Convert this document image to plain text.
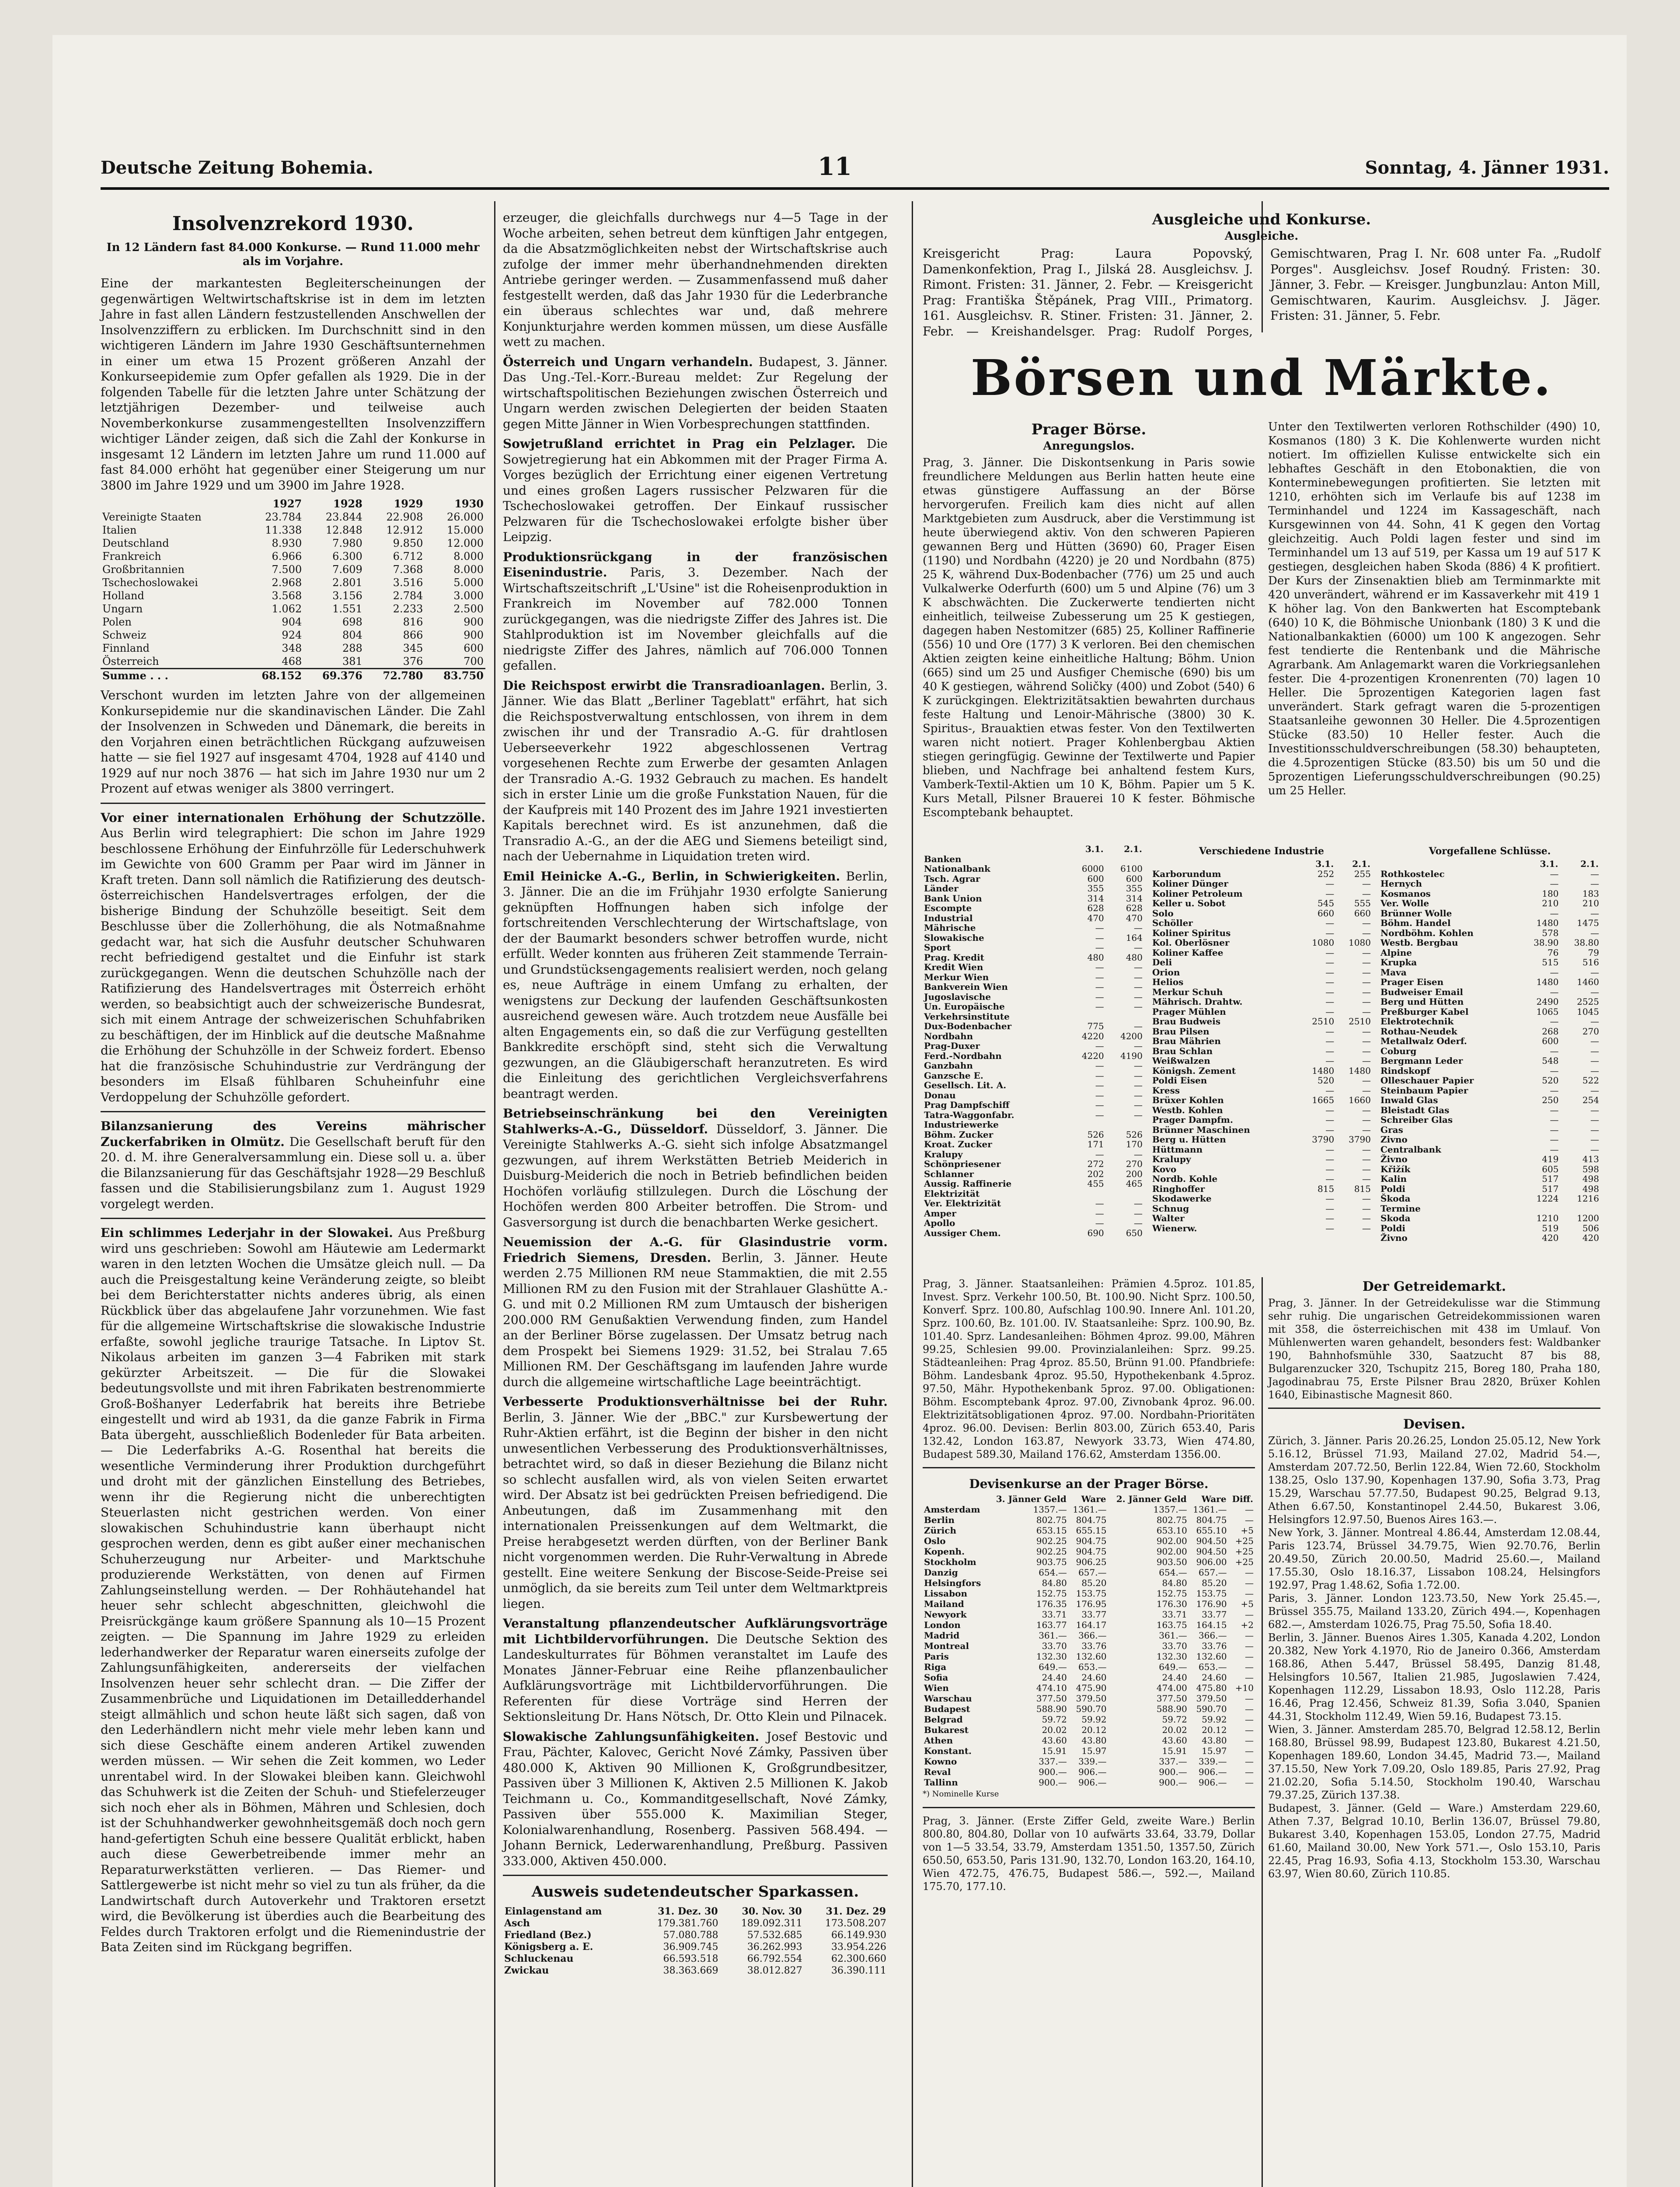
Deutsche Zeitung Bohemia.	11	Sonntag, 4. Jänner 1931.
Insolvenzrekord 1930.
In 12 Ländern fast 84.000 Konkurse. — Rund 11.000 mehr als im Vorjahre.

Eine der markantesten Begleiterscheinungen der gegenwärtigen Weltwirtschaftskrise ist in dem im letzten Jahre in fast allen Ländern festzustellenden Anschwellen der Insolvenzziffern zu erblicken. Im Durchschnitt sind in den wichtigeren Ländern im Jahre 1930 Geschäftsunternehmen in einer um etwa 15 Prozent größeren Anzahl der Konkurseepidemie zum Opfer gefallen als 1929. Die in der folgenden Tabelle für die letzten Jahre unter Schätzung der letztjährigen Dezember- und teilweise auch Novemberkonkurse zusammengestellten Insolvenzziffern wichtiger Länder zeigen, daß sich die Zahl der Konkurse in insgesamt 12 Ländern im letzten Jahre um rund 11.000 auf fast 84.000 erhöht hat gegenüber einer Steigerung um nur 3800 im Jahre 1929 und um 3900 im Jahre 1928.

	1927	1928	1929	1930
Vereinigte Staaten	23.784	23.844	22.908	26.000
Italien	11.338	12.848	12.912	15.000
Deutschland	8.930	7.980	9.850	12.000
Frankreich	6.966	6.300	6.712	8.000
Großbritannien	7.500	7.609	7.368	8.000
Tschechoslowakei	2.968	2.801	3.516	5.000
Holland	3.568	3.156	2.784	3.000
Ungarn	1.062	1.551	2.233	2.500
Polen	904	698	816	900
Schweiz	924	804	866	900
Finnland	348	288	345	600
Österreich	468	381	376	700
Summe . . .	68.152	69.376	72.780	83.750

Verschont wurden im letzten Jahre von der allgemeinen Konkursepidemie nur die skandinavischen Länder. Die Zahl der Insolvenzen in Schweden und Dänemark, die bereits in den Vorjahren einen beträchtlichen Rückgang aufzuweisen hatte — sie fiel 1927 auf insgesamt 4704, 1928 auf 4140 und 1929 auf nur noch 3876 — hat sich im Jahre 1930 nur um 2 Prozent auf etwas weniger als 3800 verringert.

Vor einer internationalen Erhöhung der Schutzzölle. Aus Berlin wird telegraphiert: Die schon im Jahre 1929 beschlossene Erhöhung der Einfuhrzölle für Lederschuhwerk im Gewichte von 600 Gramm per Paar wird im Jänner in Kraft treten. Dann soll nämlich die Ratifizierung des deutsch-österreichischen Handelsvertrages erfolgen, der die bisherige Bindung der Schuhzölle beseitigt. Seit dem Beschlusse über die Zollerhöhung, die als Notmaßnahme gedacht war, hat sich die Ausfuhr deutscher Schuhwaren recht befriedigend gestaltet und die Einfuhr ist stark zurückgegangen. Wenn die deutschen Schuhzölle nach der Ratifizierung des Handelsvertrages mit Österreich erhöht werden, so beabsichtigt auch der schweizerische Bundesrat, sich mit einem Antrage der schweizerischen Schuhfabriken zu beschäftigen, der im Hinblick auf die deutsche Maßnahme die Erhöhung der Schuhzölle in der Schweiz fordert. Ebenso hat die französische Schuhindustrie zur Verdrängung der besonders im Elsaß fühlbaren Schuheinfuhr eine Verdoppelung der Schuhzölle gefordert.

Bilanzsanierung des Vereins mährischer Zuckerfabriken in Olmütz. Die Gesellschaft beruft für den 20. d. M. ihre Generalversammlung ein. Diese soll u. a. über die Bilanzsanierung für das Geschäftsjahr 1928—29 Beschluß fassen und die Stabilisierungsbilanz zum 1. August 1929 vorgelegt werden.

Ein schlimmes Lederjahr in der Slowakei. Aus Preßburg wird uns geschrieben: Sowohl am Häutewie am Ledermarkt waren in den letzten Wochen die Umsätze gleich null. — Da auch die Preisgestaltung keine Veränderung zeigte, so bleibt bei dem Berichterstatter nichts anderes übrig, als einen Rückblick über das abgelaufene Jahr vorzunehmen. Wie fast für die allgemeine Wirtschaftskrise die slowakische Industrie erfaßte, sowohl jegliche traurige Tatsache. In Liptov St. Nikolaus arbeiten im ganzen 3—4 Fabriken mit stark gekürzter Arbeitszeit. — Die für die Slowakei bedeutungsvollste und mit ihren Fabrikaten bestrenommierte Groß-Bošhanyer Lederfabrik hat bereits ihre Betriebe eingestellt und wird ab 1931, da die ganze Fabrik in Firma Bata übergeht, ausschließlich Bodenleder für Bata arbeiten. — Die Lederfabriks A.-G. Rosenthal hat bereits die wesentliche Verminderung ihrer Produktion durchgeführt und droht mit der gänzlichen Einstellung des Betriebes, wenn ihr die Regierung nicht die unberechtigten Steuerlasten nicht gestrichen werden. Von einer slowakischen Schuhindustrie kann überhaupt nicht gesprochen werden, denn es gibt außer einer mechanischen Schuherzeugung nur Arbeiter- und Marktschuhe produzierende Werkstätten, von denen auf Firmen Zahlungseinstellung werden. — Der Rohhäutehandel hat heuer sehr schlecht abgeschnitten, gleichwohl die Preisrückgänge kaum größere Spannung als 10—15 Prozent zeigten. — Die Spannung im Jahre 1929 zu erleiden lederhandwerker der Reparatur waren einerseits zufolge der Zahlungsunfähigkeiten, andererseits der vielfachen Insolvenzen heuer sehr schlecht dran. — Die Ziffer der Zusammenbrüche und Liquidationen im Detailledderhandel steigt allmählich und schon heute läßt sich sagen, daß von den Lederhändlern nicht mehr viele mehr leben kann und sich diese Geschäfte einem anderen Artikel zuwenden werden müssen. — Wir sehen die Zeit kommen, wo Leder unrentabel wird. In der Slowakei bleiben kann. Gleichwohl das Schuhwerk ist die Zeiten der Schuh- und Stiefelerzeuger sich noch eher als in Böhmen, Mähren und Schlesien, doch ist der Schuhhandwerker gewohnheitsgemäß doch noch gern hand-gefertigten Schuh eine bessere Qualität erblickt, haben auch diese Gewerbetreibende immer mehr an Reparaturwerkstätten verlieren. — Das Riemer- und Sattlergewerbe ist nicht mehr so viel zu tun als früher, da die Landwirtschaft durch Autoverkehr und Traktoren ersetzt wird, die Bevölkerung ist überdies auch die Bearbeitung des Feldes durch Traktoren erfolgt und die Riemenindustrie der Bata Zeiten sind im Rückgang begriffen.

erzeuger, die gleichfalls durchwegs nur 4—5 Tage in der Woche arbeiten, sehen betreut dem künftigen Jahr entgegen, da die Absatzmöglichkeiten nebst der Wirtschaftskrise auch zufolge der immer mehr überhandnehmenden direkten Antriebe geringer werden. — Zusammenfassend muß daher festgestellt werden, daß das Jahr 1930 für die Lederbranche ein überaus schlechtes war und, daß mehrere Konjunkturjahre werden kommen müssen, um diese Ausfälle wett zu machen.

Österreich und Ungarn verhandeln. Budapest, 3. Jänner. Das Ung.-Tel.-Korr.-Bureau meldet: Zur Regelung der wirtschaftspolitischen Beziehungen zwischen Österreich und Ungarn werden zwischen Delegierten der beiden Staaten gegen Mitte Jänner in Wien Vorbesprechungen stattfinden.

Sowjetrußland errichtet in Prag ein Pelzlager. Die Sowjetregierung hat ein Abkommen mit der Prager Firma A. Vorges bezüglich der Errichtung einer eigenen Vertretung und eines großen Lagers russischer Pelzwaren für die Tschechoslowakei getroffen. Der Einkauf russischer Pelzwaren für die Tschechoslowakei erfolgte bisher über Leipzig.

Produktionsrückgang in der französischen Eisenindustrie. Paris, 3. Dezember. Nach der Wirtschaftszeitschrift „L'Usine" ist die Roheisenproduktion in Frankreich im November auf 782.000 Tonnen zurückgegangen, was die niedrigste Ziffer des Jahres ist. Die Stahlproduktion ist im November gleichfalls auf die niedrigste Ziffer des Jahres, nämlich auf 706.000 Tonnen gefallen.

Die Reichspost erwirbt die Transradioanlagen. Berlin, 3. Jänner. Wie das Blatt „Berliner Tageblatt" erfährt, hat sich die Reichspostverwaltung entschlossen, von ihrem in dem zwischen ihr und der Transradio A.-G. für drahtlosen Ueberseeverkehr 1922 abgeschlossenen Vertrag vorgesehenen Rechte zum Erwerbe der gesamten Anlagen der Transradio A.-G. 1932 Gebrauch zu machen. Es handelt sich in erster Linie um die große Funkstation Nauen, für die der Kaufpreis mit 140 Prozent des im Jahre 1921 investierten Kapitals berechnet wird. Es ist anzunehmen, daß die Transradio A.-G., an der die AEG und Siemens beteiligt sind, nach der Uebernahme in Liquidation treten wird.

Emil Heinicke A.-G., Berlin, in Schwierigkeiten. Berlin, 3. Jänner. Die an die im Frühjahr 1930 erfolgte Sanierung geknüpften Hoffnungen haben sich infolge der fortschreitenden Verschlechterung der Wirtschaftslage, von der der Baumarkt besonders schwer betroffen wurde, nicht erfüllt. Weder konnten aus früheren Zeit stammende Terrain- und Grundstücksengagements realisiert werden, noch gelang es, neue Aufträge in einem Umfang zu erhalten, der wenigstens zur Deckung der laufenden Geschäftsunkosten ausreichend gewesen wäre. Auch trotzdem neue Ausfälle bei alten Engagements ein, so daß die zur Verfügung gestellten Bankkredite erschöpft sind, steht sich die Verwaltung gezwungen, an die Gläubigerschaft heranzutreten. Es wird die Einleitung des gerichtlichen Vergleichsverfahrens beantragt werden.

Betriebseinschränkung bei den Vereinigten Stahlwerks-A.-G., Düsseldorf. Düsseldorf, 3. Jänner. Die Vereinigte Stahlwerks A.-G. sieht sich infolge Absatzmangel gezwungen, auf ihrem Werkstätten Betrieb Meiderich in Duisburg-Meiderich die noch in Betrieb befindlichen beiden Hochöfen vorläufig stillzulegen. Durch die Löschung der Hochöfen werden 800 Arbeiter betroffen. Die Strom- und Gasversorgung ist durch die benachbarten Werke gesichert.

Neuemission der A.-G. für Glasindustrie vorm. Friedrich Siemens, Dresden. Berlin, 3. Jänner. Heute werden 2.75 Millionen RM neue Stammaktien, die mit 2.55 Millionen RM zu den Fusion mit der Strahlauer Glashütte A.-G. und mit 0.2 Millionen RM zum Umtausch der bisherigen 200.000 RM Genußaktien Verwendung finden, zum Handel an der Berliner Börse zugelassen. Der Umsatz betrug nach dem Prospekt bei Siemens 1929: 31.52, bei Stralau 7.65 Millionen RM. Der Geschäftsgang im laufenden Jahre wurde durch die allgemeine wirtschaftliche Lage beeinträchtigt.

Verbesserte Produktionsverhältnisse bei der Ruhr. Berlin, 3. Jänner. Wie der „BBC." zur Kursbewertung der Ruhr-Aktien erfährt, ist die Beginn der bisher in den nicht unwesentlichen Verbesserung des Produktionsverhältnisses, betrachtet wird, so daß in dieser Beziehung die Bilanz nicht so schlecht ausfallen wird, als von vielen Seiten erwartet wird. Der Absatz ist bei gedrückten Preisen befriedigend. Die Anbeutungen, daß im Zusammenhang mit den internationalen Preissenkungen auf dem Weltmarkt, die Preise herabgesetzt werden dürften, von der Berliner Bank nicht vorgenommen werden. Die Ruhr-Verwaltung in Abrede gestellt. Eine weitere Senkung der Biscose-Seide-Preise sei unmöglich, da sie bereits zum Teil unter dem Weltmarktpreis liegen.

Veranstaltung pflanzendeutscher Aufklärungsvorträge mit Lichtbildervorführungen. Die Deutsche Sektion des Landeskulturrates für Böhmen veranstaltet im Laufe des Monates Jänner-Februar eine Reihe pflanzenbaulicher Aufklärungsvorträge mit Lichtbildervorführungen. Die Referenten für diese Vorträge sind Herren der Sektionsleitung Dr. Hans Nötsch, Dr. Otto Klein und Pilnacek.

Slowakische Zahlungsunfähigkeiten. Josef Bestovic und Frau, Pächter, Kalovec, Gericht Nové Zámky, Passiven über 480.000 K, Aktiven 90 Millionen K, Großgrundbesitzer, Passiven über 3 Millionen K, Aktiven 2.5 Millionen K. Jakob Teichmann u. Co., Kommanditgesellschaft, Nové Zámky, Passiven über 555.000 K. Maximilian Steger, Kolonialwarenhandlung, Rosenberg. Passiven 568.494. — Johann Bernick, Lederwarenhandlung, Preßburg. Passiven 333.000, Aktiven 450.000.

Ausweis sudetendeutscher Sparkassen.
Einlagenstand am	31. Dez. 30	30. Nov. 30	31. Dez. 29
Asch	179.381.760	189.092.311	173.508.207
Friedland (Bez.)	57.080.788	57.532.685	66.149.930
Königsberg a. E.	36.909.745	36.262.993	33.954.226
Schluckenau	66.593.518	66.792.554	62.300.660
Zwickau	38.363.669	38.012.827	36.390.111
Ausgleiche und Konkurse.
Ausgleiche.
Kreisgericht Prag: Laura Popovský, Damenkonfektion, Prag I., Jilská 28. Ausgleichsv. J. Rimont. Fristen: 31. Jänner, 2. Febr. — Kreisgericht Prag: Františka Štěpánek, Prag VIII., Primatorg. 161. Ausgleichsv. R. Stiner. Fristen: 31. Jänner, 2. Febr. — Kreishandelsger. Prag: Rudolf Porges, Gemischtwaren, Prag I. Nr. 608 unter Fa. „Rudolf Porges". Ausgleichsv. Josef Roudný. Fristen: 30. Jänner, 3. Febr. — Kreisger. Jungbunzlau: Anton Mill, Gemischtwaren, Kaurim. Ausgleichsv. J. Jäger. Fristen: 31. Jänner, 5. Febr.
Börsen und Märkte.
Prager Börse.
Anregungslos.

Prag, 3. Jänner. Die Diskontsenkung in Paris sowie freundlichere Meldungen aus Berlin hatten heute eine etwas günstigere Auffassung an der Börse hervorgerufen. Freilich kam dies nicht auf allen Marktgebieten zum Ausdruck, aber die Verstimmung ist heute überwiegend aktiv. Von den schweren Papieren gewannen Berg und Hütten (3690) 60, Prager Eisen (1190) und Nordbahn (4220) je 20 und Nordbahn (875) 25 K, während Dux-Bodenbacher (776) um 25 und auch Vulkalwerke Oderfurth (600) um 5 und Alpine (76) um 3 K abschwächten. Die Zuckerwerte tendierten nicht einheitlich, teilweise Zubesserung um 25 K gestiegen, dagegen haben Nestomitzer (685) 25, Kolliner Raffinerie (556) 10 und Ore (177) 3 K verloren. Bei den chemischen Aktien zeigten keine einheitliche Haltung; Böhm. Union (665) sind um 25 und Ausfiger Chemische (690) bis um 40 K gestiegen, während Soličky (400) und Zobot (540) 6 K zurückgingen. Elektrizitätsaktien bewahrten durchaus feste Haltung und Lenoir-Mährische (3800) 30 K. Spiritus-, Brauaktien etwas fester. Von den Textilwerten waren nicht notiert. Prager Kohlenbergbau Aktien stiegen geringfügig. Gewinne der Textilwerte und Papier blieben, und Nachfrage bei anhaltend festem Kurs, Vamberk-Textil-Aktien um 10 K, Böhm. Papier um 5 K. Kurs Metall, Pilsner Brauerei 10 K fester. Böhmische Escomptebank behauptet.

Unter den Textilwerten verloren Rothschilder (490) 10, Kosmanos (180) 3 K. Die Kohlenwerte wurden nicht notiert. Im offiziellen Kulisse entwickelte sich ein lebhaftes Geschäft in den Etobonaktien, die von Konterminebewegungen profitierten. Sie letzten mit 1210, erhöhten sich im Verlaufe bis auf 1238 im Terminhandel und 1224 im Kassageschäft, nach Kursgewinnen von 44. Sohn, 41 K gegen den Vortag gleichzeitig. Auch Poldi lagen fester und sind im Terminhandel um 13 auf 519, per Kassa um 19 auf 517 K gestiegen, desgleichen haben Skoda (886) 4 K profitiert. Der Kurs der Zinsenaktien blieb am Terminmarkte mit 420 unverändert, während er im Kassaverkehr mit 419 1 K höher lag. Von den Bankwerten hat Escomptebank (640) 10 K, die Böhmische Unionbank (180) 3 K und die Nationalbankaktien (6000) um 100 K angezogen. Sehr fest tendierte die Rentenbank und die Mährische Agrarbank. Am Anlagemarkt waren die Vorkriegsanlehen fester. Die 4-prozentigen Kronenrenten (70) lagen 10 Heller. Die 5prozentigen Kategorien lagen fast unverändert. Stark gefragt waren die 5-prozentigen Staatsanleihe gewonnen 30 Heller. Die 4.5prozentigen Stücke (83.50) 10 Heller fester. Auch die Investitionsschuldverschreibungen (58.30) behaupteten, die 4.5prozentigen Stücke (83.50) bis um 50 und die 5prozentigen Lieferungsschuldverschreibungen (90.25) um 25 Heller.

	3.1.	2.1.
Banken		
Nationalbank	6000	6100
Tsch. Agrar	600	600
Länder	355	355
Bank Union	314	314
Escompte	628	628
Industrial	470	470
Mährische	—	—
Slowakische	—	164
Sport	—	—
Prag. Kredit	480	480
Kredit Wien	—	—
Merkur Wien	—	—
Bankverein Wien	—	—
Jugoslavische	—	—
Un. Europäische	—	—
Verkehrsinstitute		
Dux-Bodenbacher	775	—
Nordbahn	4220	4200
Prag-Duxer	—	—
Ferd.-Nordbahn	4220	4190
Ganzbahn	—	—
Ganzsche E.	—	—
Gesellsch. Lit. A.	—	—
Donau	—	—
Prag Dampfschiff	—	—
Tatra-Waggonfabr.	—	—
Industriewerke		
Böhm. Zucker	526	526
Kroat. Zucker	171	170
Kralupy	—	—
Schönpriesener	272	270
Schlanner	202	200
Aussig. Raffinerie	455	465
Elektrizität		
Ver. Elektrizität	—	—
Amper	—	—
Apollo	—	—
Aussiger Chem.	690	650
Verschiedene Industrie
	3.1.	2.1.
Karborundum	252	255
Koliner Dünger	—	—
Koliner Petroleum	—	—
Keller u. Sobot	545	555
Solo	660	660
Schöller	—	—
Koliner Spiritus	—	—
Kol. Oberlösner	1080	1080
Koliner Kaffee	—	—
Deli	—	—
Orion	—	—
Helios	—	—
Merkur Schuh	—	—
Mährisch. Drahtw.	—	—
Prager Mühlen	—	—
Brau Budweis	2510	2510
Brau Pilsen	—	—
Brau Mährien	—	—
Brau Schlan	—	—
Weißwalzen	—	—
Königsh. Zement	1480	1480
Poldi Eisen	520	—
Kress	—	—
Brüxer Kohlen	1665	1660
Westb. Kohlen	—	—
Prager Dampfm.	—	—
Brünner Maschinen	—	—
Berg u. Hütten	3790	3790
Hüttmann	—	—
Kralupy	—	—
Kovo	—	—
Nordb. Kohle	—	—
Ringhoffer	815	815
Skodawerke	—	—
Schnug	—	—
Walter	—	—
Wienerw.	—	—
Vorgefallene Schlüsse.
	3.1.	2.1.
Rothkostelec	—	—
Hernych	—	—
Kosmanos	180	183
Ver. Wolle	210	210
Brünner Wolle	—	—
Böhm. Handel	1480	1475
Nordböhm. Kohlen	578	—
Westb. Bergbau	38.90	38.80
Alpine	76	79
Krupka	515	516
Mava	—	—
Prager Eisen	1480	1460
Budweiser Email	—	—
Berg und Hütten	2490	2525
Preßburger Kabel	1065	1045
Elektrotechnik	—	—
Rothau-Neudek	268	270
Metallwalz Oderf.	600	—
Coburg	—	—
Bergmann Leder	548	—
Rindskopf	—	—
Olleschauer Papier	520	522
Steinbaum Papier	—	—
Inwald Glas	250	254
Bleistadt Glas	—	—
Schreiber Glas	—	—
Gras	—	—
Zivno	—	—
Centralbank	—	—
Živno	419	413
Křižík	605	598
Kalin	517	498
Poldi	517	498
Škoda	1224	1216
Termine		
Skoda	1210	1200
Poldi	519	506
Živno	420	420

Prag, 3. Jänner. Staatsanleihen: Prämien 4.5proz. 101.85, Invest. Sprz. Verkehr 100.50, Bt. 100.90. Nicht Sprz. 100.50, Konverf. Sprz. 100.80, Aufschlag 100.90. Innere Anl. 101.20, Sprz. 100.60, Bz. 101.00. IV. Staatsanleihe: Sprz. 100.90, Bz. 101.40. Sprz. Landesanleihen: Böhmen 4proz. 99.00, Mähren 99.25, Schlesien 99.00. Provinzialanleihen: Sprz. 99.25. Städteanleihen: Prag 4proz. 85.50, Brünn 91.00. Pfandbriefe: Böhm. Landesbank 4proz. 95.50, Hypothekenbank 4.5proz. 97.50, Mähr. Hypothekenbank 5proz. 97.00. Obligationen: Böhm. Escomptebank 4proz. 97.00, Zivnobank 4proz. 96.00. Elektrizitätsobligationen 4proz. 97.00. Nordbahn-Prioritäten 4proz. 96.00. Devisen: Berlin 803.00, Zürich 653.40, Paris 132.42, London 163.87, Newyork 33.73, Wien 474.80, Budapest 589.30, Mailand 176.62, Amsterdam 1356.00.

Devisenkurse an der Prager Börse.
	3. Jänner Geld	Ware	2. Jänner Geld	Ware	Diff.
Amsterdam	1357.—	1361.—	1357.—	1361.—	—
Berlin	802.75	804.75	802.75	804.75	—
Zürich	653.15	655.15	653.10	655.10	+5
Oslo	902.25	904.75	902.00	904.50	+25
Kopenh.	902.25	904.75	902.00	904.50	+25
Stockholm	903.75	906.25	903.50	906.00	+25
Danzig	654.—	657.—	654.—	657.—	—
Helsingfors	84.80	85.20	84.80	85.20	—
Lissabon	152.75	153.75	152.75	153.75	—
Mailand	176.35	176.95	176.30	176.90	+5
Newyork	33.71	33.77	33.71	33.77	—
London	163.77	164.17	163.75	164.15	+2
Madrid	361.—	366.—	361.—	366.—	—
Montreal	33.70	33.76	33.70	33.76	—
Paris	132.30	132.60	132.30	132.60	—
Riga	649.—	653.—	649.—	653.—	—
Sofia	24.40	24.60	24.40	24.60	—
Wien	474.10	475.90	474.00	475.80	+10
Warschau	377.50	379.50	377.50	379.50	—
Budapest	588.90	590.70	588.90	590.70	—
Belgrad	59.72	59.92	59.72	59.92	—
Bukarest	20.02	20.12	20.02	20.12	—
Athen	43.60	43.80	43.60	43.80	—
Konstant.	15.91	15.97	15.91	15.97	—
Kowno	337.—	339.—	337.—	339.—	—
Reval	900.—	906.—	900.—	906.—	—
Tallinn	900.—	906.—	900.—	906.—	—
*) Nominelle Kurse

Prag, 3. Jänner. (Erste Ziffer Geld, zweite Ware.) Berlin 800.80, 804.80, Dollar von 10 aufwärts 33.64, 33.79, Dollar von 1—5 33.54, 33.79, Amsterdam 1351.50, 1357.50, Zürich 650.50, 653.50, Paris 131.90, 132.70, London 163.20, 164.10, Wien 472.75, 476.75, Budapest 586.—, 592.—, Mailand 175.70, 177.10.

Der Getreidemarkt.

Prag, 3. Jänner. In der Getreidekulisse war die Stimmung sehr ruhig. Die ungarischen Getreidekommissionen waren mit 358, die österreichischen mit 438 im Umlauf. Von Mühlenwerten waren gehandelt, besonders fest: Waldbanker 190, Bahnhofsmühle 330, Saatzucht 87 bis 88, Bulgarenzucker 320, Tschupitz 215, Boreg 180, Praha 180, Jagodinabrau 75, Erste Pilsner Brau 2820, Brüxer Kohlen 1640, Eibinastische Magnesit 860.

Devisen.

Zürich, 3. Jänner. Paris 20.26.25, London 25.05.12, New York 5.16.12, Brüssel 71.93, Mailand 27.02, Madrid 54.—, Amsterdam 207.72.50, Berlin 122.84, Wien 72.60, Stockholm 138.25, Oslo 137.90, Kopenhagen 137.90, Sofia 3.73, Prag 15.29, Warschau 57.77.50, Budapest 90.25, Belgrad 9.13, Athen 6.67.50, Konstantinopel 2.44.50, Bukarest 3.06, Helsingfors 12.97.50, Buenos Aires 163.—.
New York, 3. Jänner. Montreal 4.86.44, Amsterdam 12.08.44, Paris 123.74, Brüssel 34.79.75, Wien 92.70.76, Berlin 20.49.50, Zürich 20.00.50, Madrid 25.60.—, Mailand 17.55.30, Oslo 18.16.37, Lissabon 108.24, Helsingfors 192.97, Prag 1.48.62, Sofia 1.72.00.
Paris, 3. Jänner. London 123.73.50, New York 25.45.—, Brüssel 355.75, Mailand 133.20, Zürich 494.—, Kopenhagen 682.—, Amsterdam 1026.75, Prag 75.50, Sofia 18.40.
Berlin, 3. Jänner. Buenos Aires 1.305, Kanada 4.202, London 20.382, New York 4.1970, Rio de Janeiro 0.366, Amsterdam 168.86, Athen 5.447, Brüssel 58.495, Danzig 81.48, Helsingfors 10.567, Italien 21.985, Jugoslawien 7.424, Kopenhagen 112.29, Lissabon 18.93, Oslo 112.28, Paris 16.46, Prag 12.456, Schweiz 81.39, Sofia 3.040, Spanien 44.31, Stockholm 112.49, Wien 59.16, Budapest 73.15.
Wien, 3. Jänner. Amsterdam 285.70, Belgrad 12.58.12, Berlin 168.80, Brüssel 98.99, Budapest 123.80, Bukarest 4.21.50, Kopenhagen 189.60, London 34.45, Madrid 73.—, Mailand 37.15.50, New York 7.09.20, Oslo 189.85, Paris 27.92, Prag 21.02.20, Sofia 5.14.50, Stockholm 190.40, Warschau 79.37.25, Zürich 137.38.
Budapest, 3. Jänner. (Geld — Ware.) Amsterdam 229.60, Athen 7.37, Belgrad 10.10, Berlin 136.07, Brüssel 79.80, Bukarest 3.40, Kopenhagen 153.05, London 27.75, Madrid 61.60, Mailand 30.00, New York 571.—, Oslo 153.10, Paris 22.45, Prag 16.93, Sofia 4.13, Stockholm 153.30, Warschau 63.97, Wien 80.60, Zürich 110.85.
